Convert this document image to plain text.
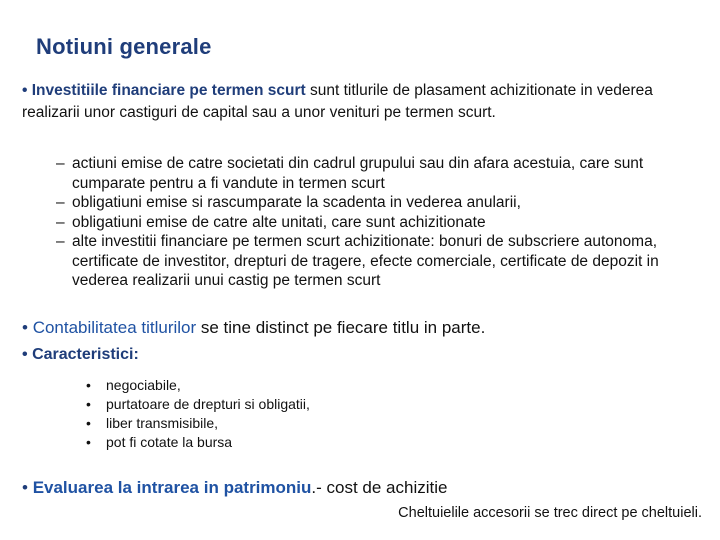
Notiuni generale
• Investitiile financiare pe termen scurt sunt titlurile de plasament achizitionate in vederea realizarii unor castiguri de capital sau a unor venituri pe termen scurt.
– actiuni emise de catre societati din cadrul grupului sau din afara acestuia, care sunt cumparate pentru a fi vandute in termen scurt
– obligatiuni emise si rascumparate la scadenta in vederea anularii,
– obligatiuni emise de catre alte unitati, care sunt achizitionate
– alte investitii financiare pe termen scurt achizitionate: bonuri de subscriere autonoma, certificate de investitor, drepturi de tragere, efecte comerciale, certificate de depozit in vederea realizarii unui castig pe termen scurt
• Contabilitatea titlurilor se tine distinct pe fiecare titlu in parte.
• Caracteristici:
• negociabile,
• purtatoare de drepturi si obligatii,
• liber transmisibile,
• pot fi cotate la bursa
• Evaluarea la intrarea in patrimoniu.- cost de achizitie
Cheltuielile accesorii se trec direct pe cheltuieli.
